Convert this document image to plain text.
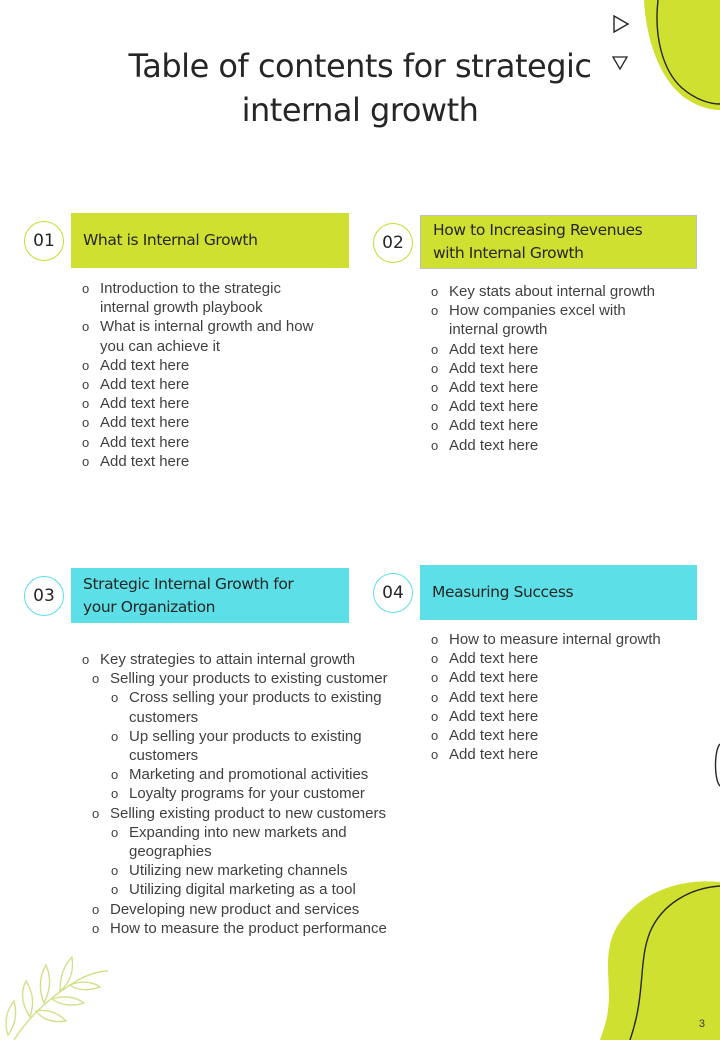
Table of contents for strategic
internal growth
01	What is Internal Growth
o Introduction to the strategic
internal growth playbook
o What is internal growth and how
you can achieve it
o Add text here
o Add text here
o Add text here
o Add text here
o Add text here
o Add text here
02
How to Increasing Revenues
with Internal Growth
o Key stats about internal growth
o How companies excel with
internal growth
o Add text here
o Add text here
o Add text here
o Add text here
o Add text here
o Add text here
03
Strategic Internal Growth for
your Organization
o Key strategies to attain internal growth
o Selling your products to existing customer
o Cross selling your products to existing
customers
o Up selling your products to existing
customers
o Marketing and promotional activities
o Loyalty programs for your customer
o Selling existing product to new customers
o Expanding into new markets and
geographies
o Utilizing new marketing channels
o Utilizing digital marketing as a tool
o Developing new product and services
o How to measure the product performance
04	Measuring Success
o How to measure internal growth
o Add text here
o Add text here
o Add text here
o Add text here
o Add text here
o Add text here
3
